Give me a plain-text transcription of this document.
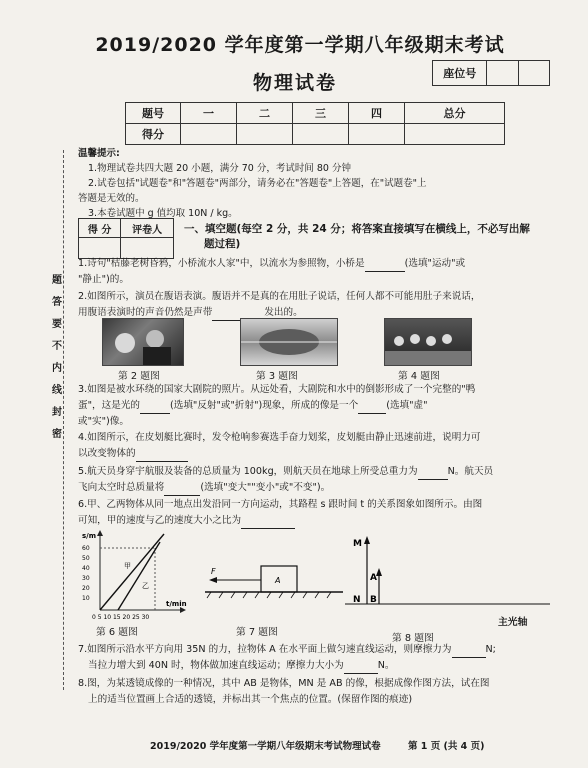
2019/2020 学年度第一学期八年级期末考试
物理试卷	座位号		
题号	一	二	三	四	总分
得分					
温馨提示:
1.物理试卷共四大题 20 小题，满分 70 分，考试时间 80 分钟
2.试卷包括"试题卷"和"答题卷"两部分，请务必在"答题卷"上答题，在"试题卷"上
答题是无效的。
3.本卷试题中 g 值均取 10N / kg。
得 分	评卷人
	一、填空题(每空 2 分，共 24 分；将答案直接填写在横线上，不必写出解
题过程)
1.诗句"枯藤老树昏鸦，小桥流水人家"中，以流水为参照物，小桥是	(选填"运动"或
"静止")的。
2.如图所示，演员在腹语表演。腹语并不是真的在用肚子说话，任何人都不可能用肚子来说话，
用腹语表演时的声音仍然是声带	发出的。
第 2 题图	第 3 题图	第 4 题图
3.如图是被水环绕的国家大剧院的照片。从远处看，大剧院和水中的倒影形成了一个完整的"鸭
蛋"，这是光的	(选填"反射"或"折射")现象，所成的像是一个	(选填"虚"
或"实")像。
4.如图所示，在皮划艇比赛时，发令枪响参赛选手奋力划桨，皮划艇由静止迅速前进，说明力可
以改变物体的
5.航天员身穿宇航服及装备的总质量为 100kg，则航天员在地球上所受总重力为	N。航天员
飞向太空时总质量将	(选填"变大""变小"或"不变")。
6.甲、乙两物体从同一地点出发沿同一方向运动，其路程 s 跟时间 t 的关系图象如图所示。由图
可知，甲的速度与乙的速度大小之比为
s/m
60
50
40
30
20
10
甲
乙
0 5 10 15 20 25 30
t/min
A
F
M
A
N B
主光轴
第 6 题图	第 7 题图
第 8 题图
7.如图所示沿水平方向用 35N 的力，拉物体 A 在水平面上做匀速直线运动，则摩擦力为	N;
当拉力增大到 40N 时，物体做加速直线运动；摩擦力大小为	N。
8.图，为某透镜成像的一种情况，其中 AB 是物体，MN 是 AB 的像，根据成像作图方法，试在图
上的适当位置画上合适的透镜，并标出其一个焦点的位置。(保留作图的痕迹)
题
答
要
不
内
线
封
密
2019/2020 学年度第一学期八年级期末考试物理试卷	第 1 页 (共 4 页)
